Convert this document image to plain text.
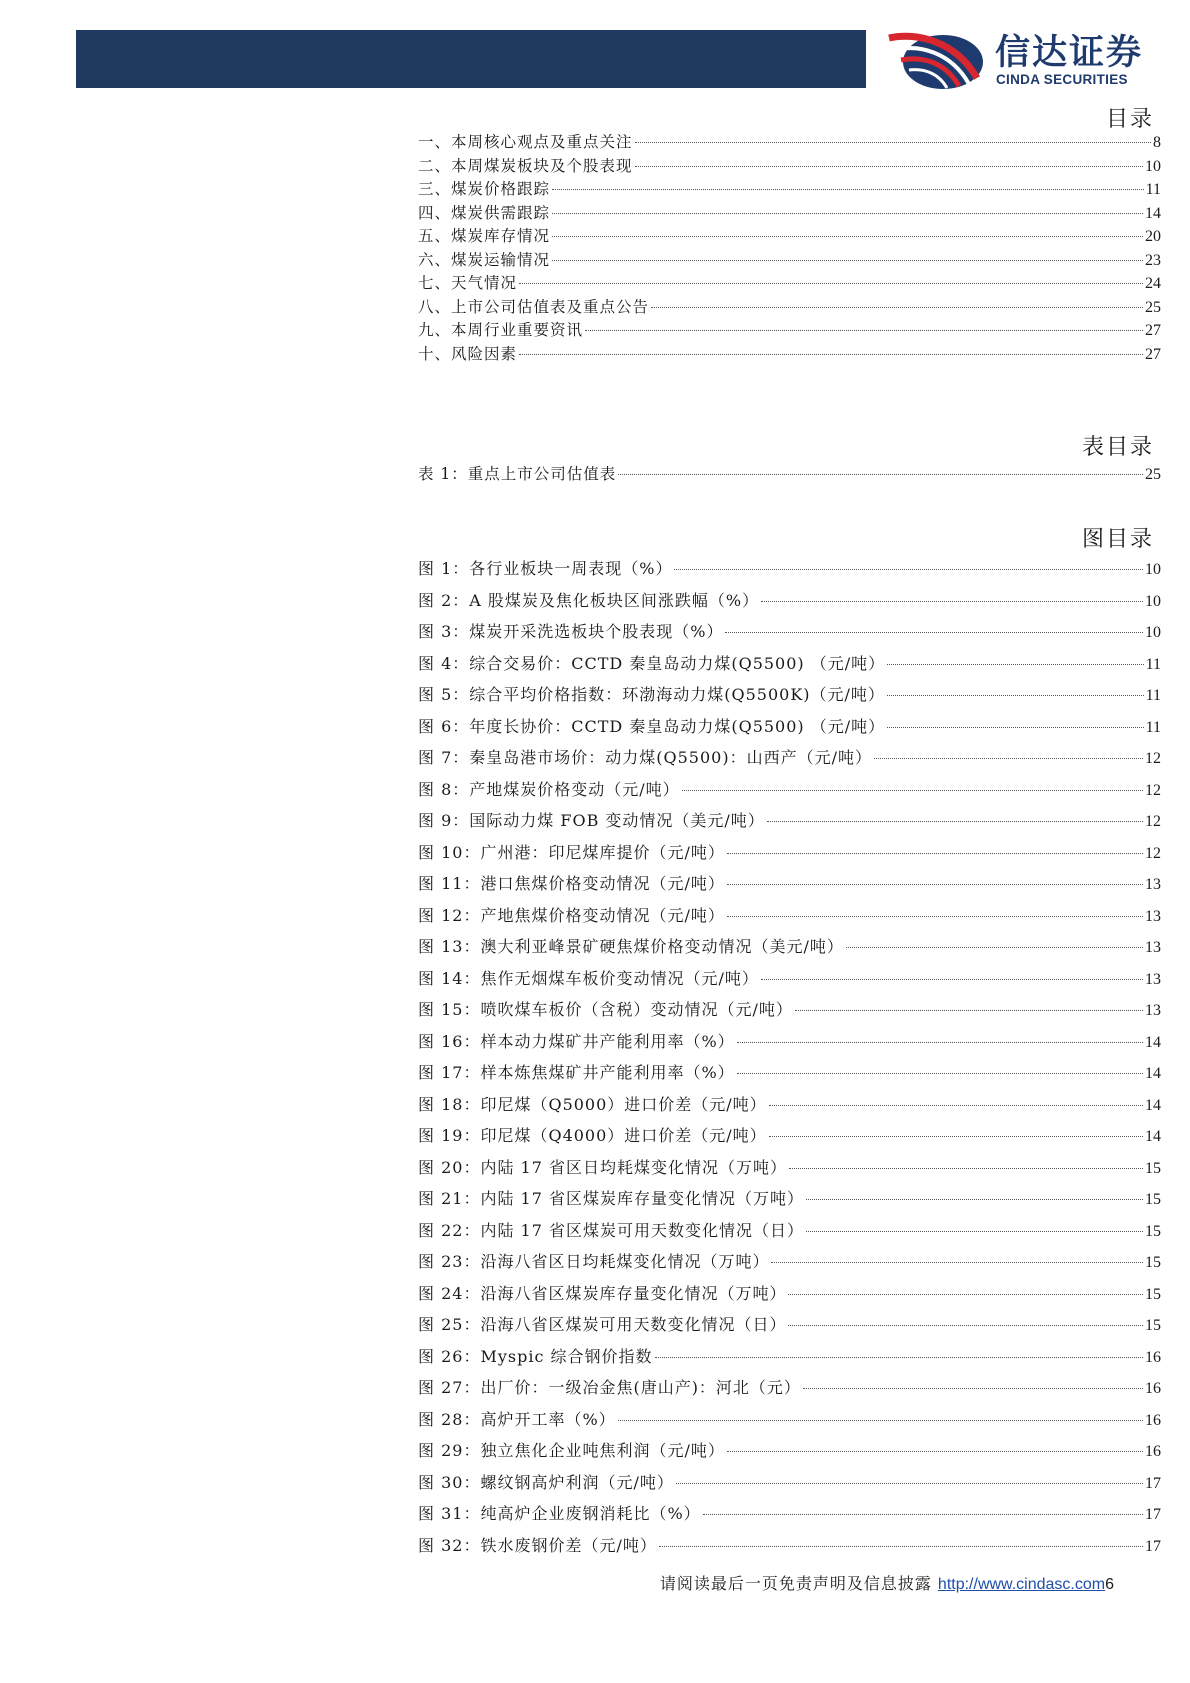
信达证券
CINDA SECURITIES
目录
一、本周核心观点及重点关注	8
二、本周煤炭板块及个股表现	10
三、煤炭价格跟踪	11
四、煤炭供需跟踪	14
五、煤炭库存情况	20
六、煤炭运输情况	23
七、天气情况	24
八、上市公司估值表及重点公告	25
九、本周行业重要资讯	27
十、风险因素	27
表目录
表 1：重点上市公司估值表	25
图目录
图 1：各行业板块一周表现（%）	10
图 2：A 股煤炭及焦化板块区间涨跌幅（%）	10
图 3：煤炭开采洗选板块个股表现（%）	10
图 4：综合交易价：CCTD 秦皇岛动力煤(Q5500) （元/吨）	11
图 5：综合平均价格指数：环渤海动力煤(Q5500K)（元/吨）	11
图 6：年度长协价：CCTD 秦皇岛动力煤(Q5500) （元/吨）	11
图 7：秦皇岛港市场价：动力煤(Q5500)：山西产（元/吨）	12
图 8：产地煤炭价格变动（元/吨）	12
图 9：国际动力煤 FOB 变动情况（美元/吨）	12
图 10：广州港：印尼煤库提价（元/吨）	12
图 11：港口焦煤价格变动情况（元/吨）	13
图 12：产地焦煤价格变动情况（元/吨）	13
图 13：澳大利亚峰景矿硬焦煤价格变动情况（美元/吨）	13
图 14：焦作无烟煤车板价变动情况（元/吨）	13
图 15：喷吹煤车板价（含税）变动情况（元/吨）	13
图 16：样本动力煤矿井产能利用率（%）	14
图 17：样本炼焦煤矿井产能利用率（%）	14
图 18：印尼煤（Q5000）进口价差（元/吨）	14
图 19：印尼煤（Q4000）进口价差（元/吨）	14
图 20：内陆 17 省区日均耗煤变化情况（万吨）	15
图 21：内陆 17 省区煤炭库存量变化情况（万吨）	15
图 22：内陆 17 省区煤炭可用天数变化情况（日）	15
图 23：沿海八省区日均耗煤变化情况（万吨）	15
图 24：沿海八省区煤炭库存量变化情况（万吨）	15
图 25：沿海八省区煤炭可用天数变化情况（日）	15
图 26：Myspic 综合钢价指数	16
图 27：出厂价：一级冶金焦(唐山产)：河北（元）	16
图 28：高炉开工率（%）	16
图 29：独立焦化企业吨焦利润（元/吨）	16
图 30：螺纹钢高炉利润（元/吨）	17
图 31：纯高炉企业废钢消耗比（%）	17
图 32：铁水废钢价差（元/吨）	17
请阅读最后一页免责声明及信息披露 http://www.cindasc.com6
